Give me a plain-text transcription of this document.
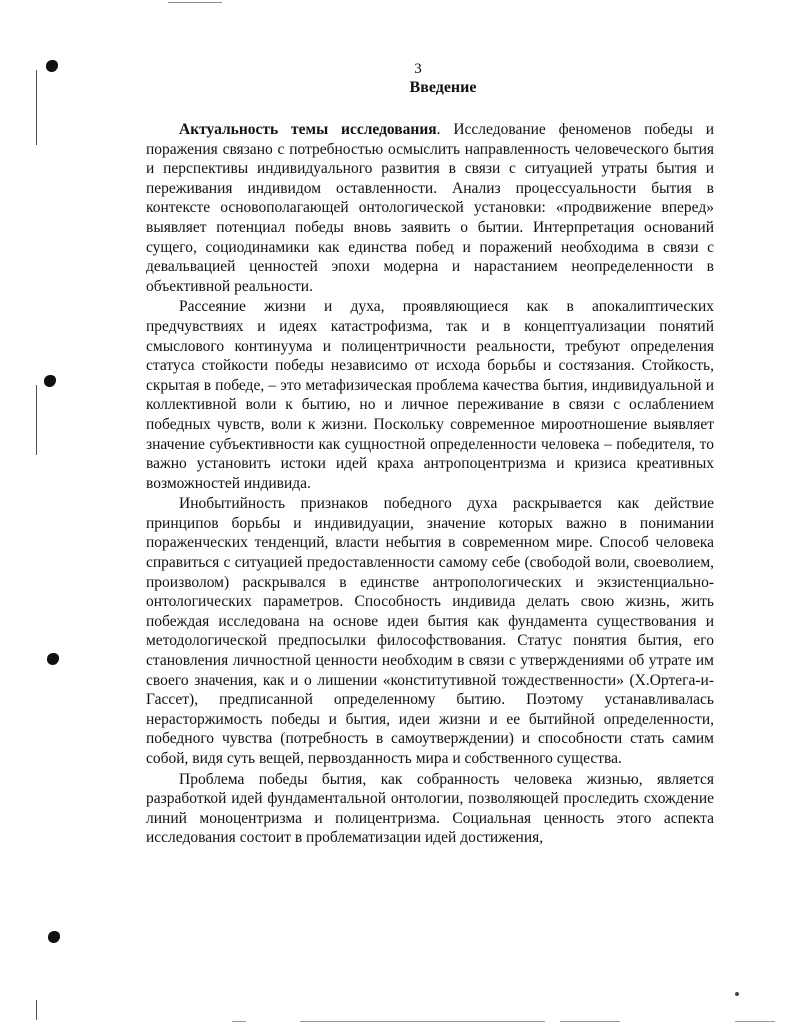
3
Введение

Актуальность темы исследования. Исследование феноменов победы и поражения связано с потребностью осмыслить направленность человеческого бытия и перспективы индивидуального развития в связи с ситуацией утраты бытия и переживания индивидом оставленности. Анализ процессуальности бытия в контексте основополагающей онтологической установки: «продвижение вперед» выявляет потенциал победы вновь заявить о бытии. Интерпретация оснований сущего, социодинамики как единства побед и поражений необходима в связи с девальвацией ценностей эпохи модерна и нарастанием неопределенности в объективной реальности.

Рассеяние жизни и духа, проявляющиеся как в апокалиптических предчувствиях и идеях катастрофизма, так и в концептуализации понятий смыслового континуума и полицентричности реальности, требуют определения статуса стойкости победы независимо от исхода борьбы и состязания. Стойкость, скрытая в победе, – это метафизическая проблема качества бытия, индивидуальной и коллективной воли к бытию, но и личное переживание в связи с ослаблением победных чувств, воли к жизни. Поскольку современное мироотношение выявляет значение субъективности как сущностной определенности человека – победителя, то важно установить истоки идей краха антропоцентризма и кризиса креативных возможностей индивида.

Инобытийность признаков победного духа раскрывается как действие принципов борьбы и индивидуации, значение которых важно в понимании пораженческих тенденций, власти небытия в современном мире. Способ человека справиться с ситуацией предоставленности самому себе (свободой воли, своеволием, произволом) раскрывался в единстве антропологических и экзистенциально-онтологических параметров. Способность индивида делать свою жизнь, жить побеждая исследована на основе идеи бытия как фундамента существования и методологической предпосылки философствования. Статус понятия бытия, его становления личностной ценности необходим в связи с утверждениями об утрате им своего значения, как и о лишении «конститутивной тождественности» (Х.Ортега-и-Гассет), предписанной определенному бытию. Поэтому устанавливалась нерасторжимость победы и бытия, идеи жизни и ее бытийной определенности, победного чувства (потребность в самоутверждении) и способности стать самим собой, видя суть вещей, первозданность мира и собственного существа.

Проблема победы бытия, как собранность человека жизнью, является разработкой идей фундаментальной онтологии, позволяющей проследить схождение линий моноцентризма и полицентризма. Социальная ценность этого аспекта исследования состоит в проблематизации идей достижения,
